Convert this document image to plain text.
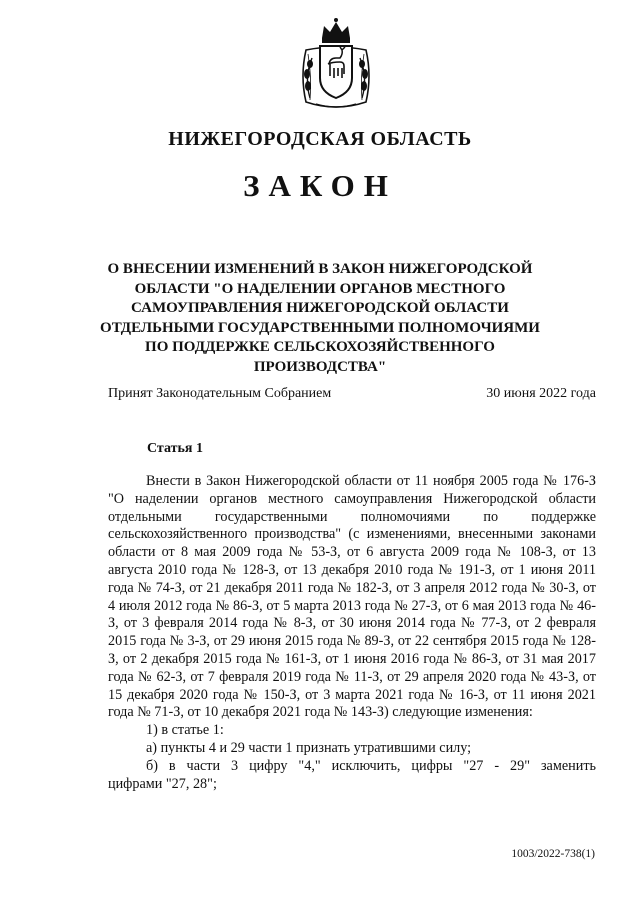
НИЖЕГОРОДСКАЯ ОБЛАСТЬ
ЗАКОН
О ВНЕСЕНИИ ИЗМЕНЕНИЙ В ЗАКОН НИЖЕГОРОДСКОЙ ОБЛАСТИ "О НАДЕЛЕНИИ ОРГАНОВ МЕСТНОГО САМОУПРАВЛЕНИЯ НИЖЕГОРОДСКОЙ ОБЛАСТИ ОТДЕЛЬНЫМИ ГОСУДАРСТВЕННЫМИ ПОЛНОМОЧИЯМИ ПО ПОДДЕРЖКЕ СЕЛЬСКОХОЗЯЙСТВЕННОГО ПРОИЗВОДСТВА"
Принят Законодательным Собранием	30 июня 2022 года
Статья 1

Внести в Закон Нижегородской области от 11 ноября 2005 года № 176-З "О наделении органов местного самоуправления Нижегородской области отдельными государственными полномочиями по поддержке сельскохозяйственного производства" (с изменениями, внесенными законами области от 8 мая 2009 года № 53-З, от 6 августа 2009 года № 108-З, от 13 августа 2010 года № 128-З, от 13 декабря 2010 года № 191-З, от 1 июня 2011 года № 74-З, от 21 декабря 2011 года № 182-З, от 3 апреля 2012 года № 30-З, от 4 июля 2012 года № 86-З, от 5 марта 2013 года № 27-З, от 6 мая 2013 года № 46-З, от 3 февраля 2014 года № 8-З, от 30 июня 2014 года № 77-З, от 2 февраля 2015 года № 3-З, от 29 июня 2015 года № 89-З, от 22 сентября 2015 года № 128-З, от 2 декабря 2015 года № 161-З, от 1 июня 2016 года № 86-З, от 31 мая 2017 года № 62-З, от 7 февраля 2019 года № 11-З, от 29 апреля 2020 года № 43-З, от 15 декабря 2020 года № 150-З, от 3 марта 2021 года № 16-З, от 11 июня 2021 года № 71-З, от 10 декабря 2021 года № 143-З) следующие изменения:

1) в статье 1:

а) пункты 4 и 29 части 1 признать утратившими силу;

б) в части 3 цифру "4," исключить, цифры "27 - 29" заменить

цифрами "27, 28";

1003/2022-738(1)
